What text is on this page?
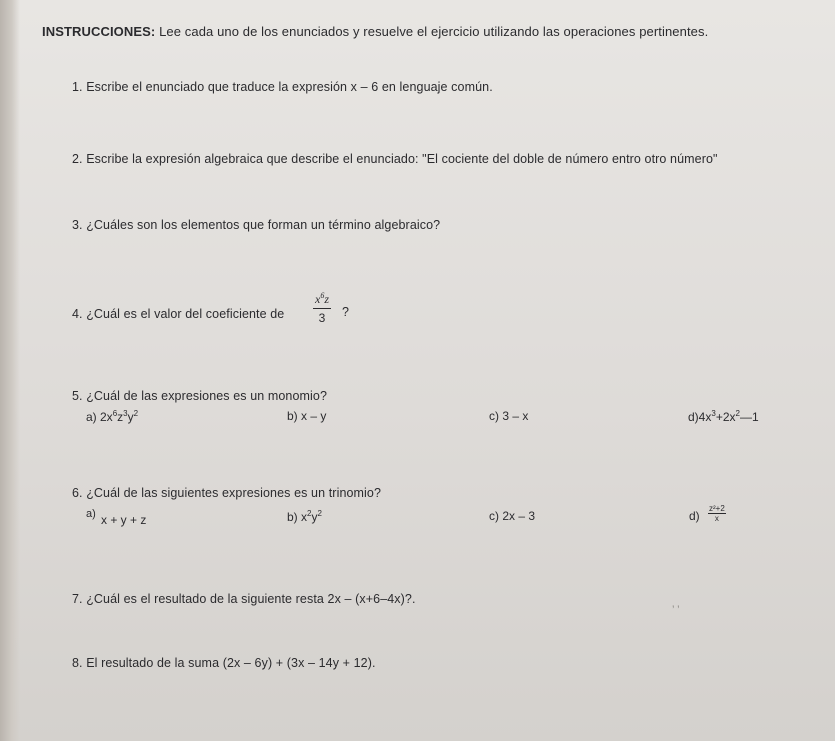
INSTRUCCIONES: Lee cada uno de los enunciados y resuelve el ejercicio utilizando las operaciones pertinentes.
1. Escribe el enunciado que traduce la expresión x – 6 en lenguaje común.
2. Escribe la expresión algebraica que describe el enunciado: "El cociente del doble de número entro otro número"
3. ¿Cuáles son los elementos que forman un término algebraico?
4. ¿Cuál es el valor del coeficiente de $\frac{x^6z}{3}$ ?
5. ¿Cuál de las expresiones es un monomio?
a) $2x^6z^3y^2$	b) x – y	c) 3 – x	$d)4x^3+2x^2—1$
6. ¿Cuál de las siguientes expresiones es un trinomio?
a) x + y + z	b) $x^2y^2$	c) 2x – 3	$d) \frac{\text{z²+2}}{x}$
7. ¿Cuál es el resultado de la siguiente resta 2x – (x+6–4x)?.
8. El resultado de la suma (2x – 6y) + (3x – 14y + 12).
’ ’
